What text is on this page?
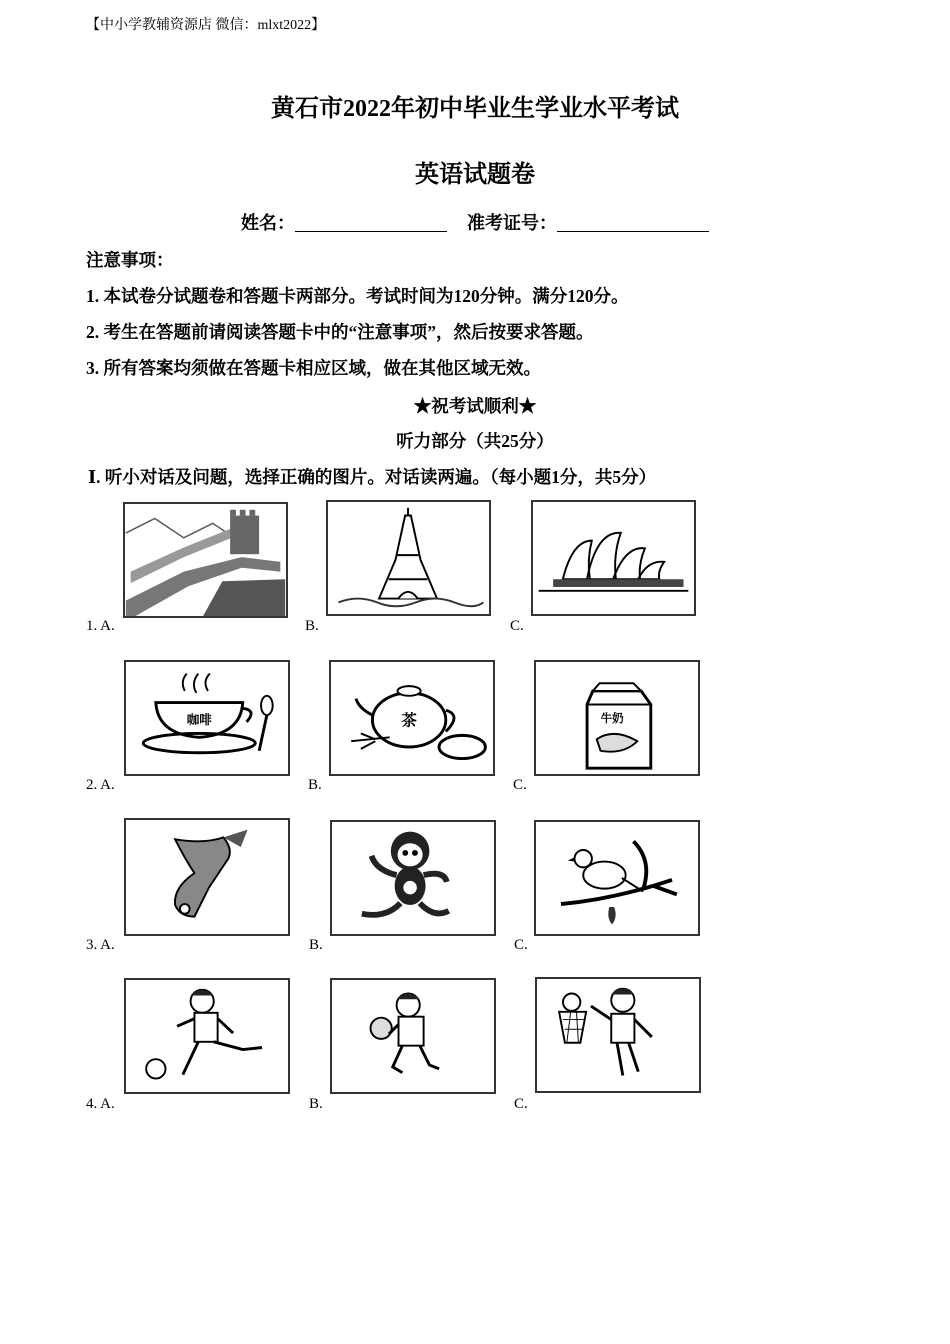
【中小学教辅资源店 微信：mlxt2022】
黄石市2022年初中毕业生学业水平考试
英语试题卷
姓名：	准考证号：
注意事项：
1. 本试卷分试题卷和答题卡两部分。考试时间为120分钟。满分120分。
2. 考生在答题前请阅读答题卡中的“注意事项”，然后按要求答题。
3. 所有答案均须做在答题卡相应区域，做在其他区域无效。
★祝考试顺利★
听力部分（共25分）
Ⅰ. 听小对话及问题，选择正确的图片。对话读两遍。（每小题1分，共5分）
1. A.	B.	C.
咖啡	茶	牛奶
2. A.	B.	C.
3. A.	B.	C.
4. A.	B.	C.
